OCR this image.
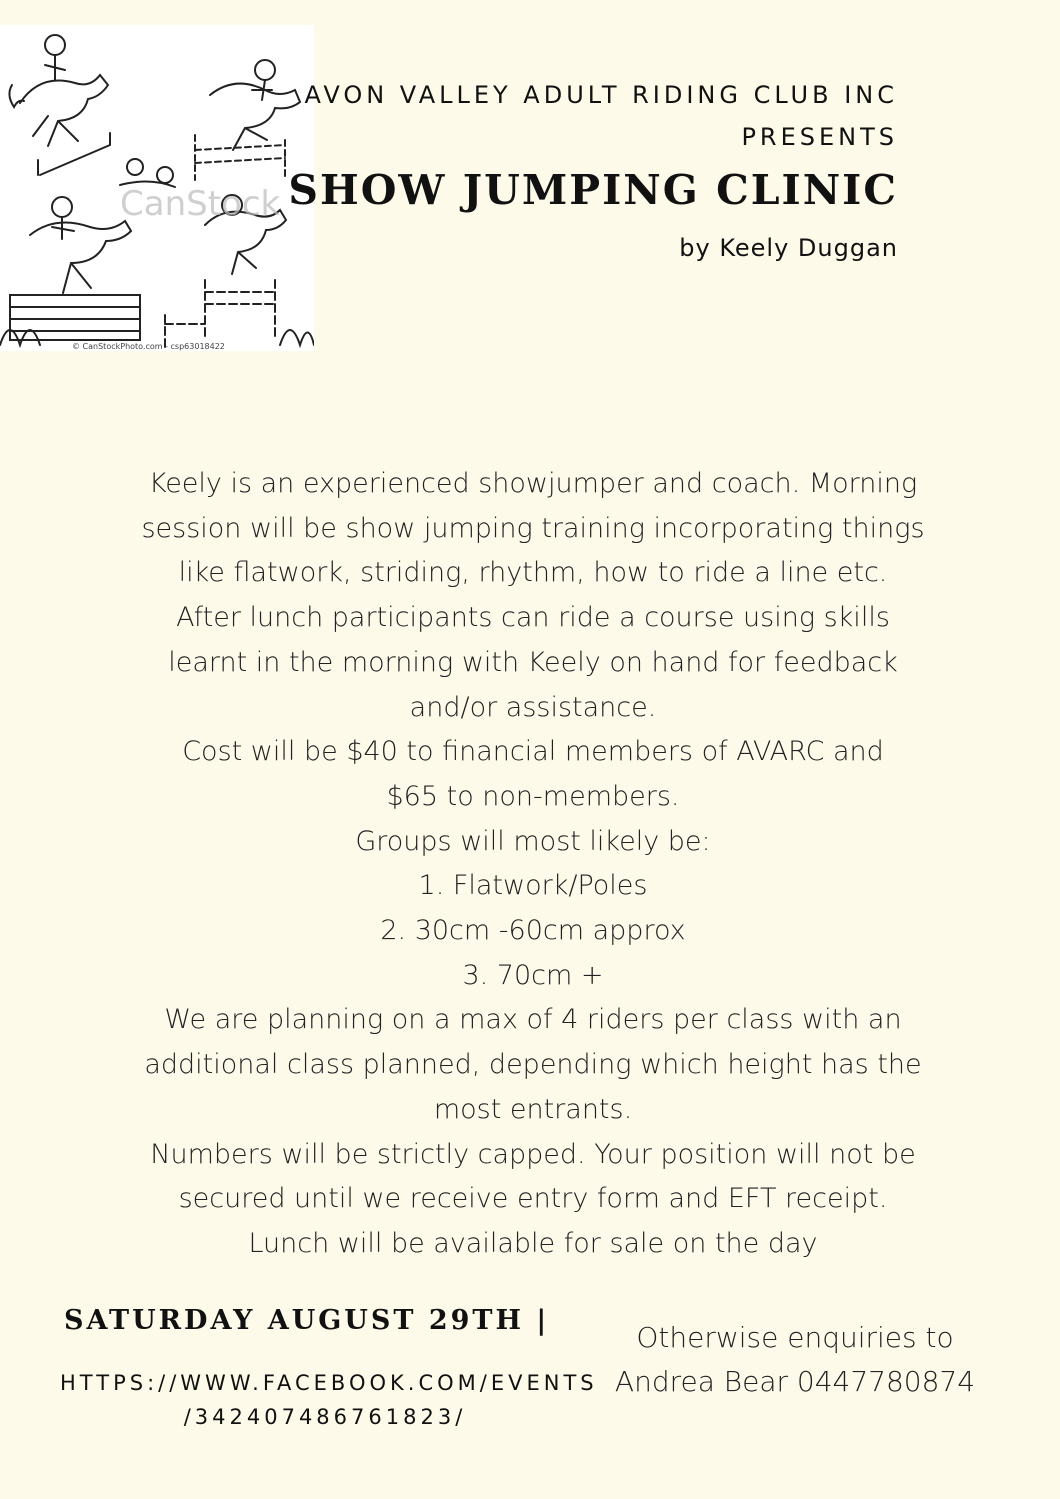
CanStock
© CanStockPhoto.com - csp63018422
AVON VALLEY ADULT RIDING CLUB INC
PRESENTS
SHOW JUMPING CLINIC
by Keely Duggan
Keely is an experienced showjumper and coach. Morning
session will be show jumping training incorporating things
like flatwork, striding, rhythm, how to ride a line etc.
After lunch participants can ride a course using skills
learnt in the morning with Keely on hand for feedback
and/or assistance.
Cost will be $40 to financial members of AVARC and
$65 to non-members.
Groups will most likely be:
1. Flatwork/Poles
2. 30cm -60cm approx
3. 70cm +
We are planning on a max of 4 riders per class with an
additional class planned, depending which height has the
most entrants.
Numbers will be strictly capped. Your position will not be
secured until we receive entry form and EFT receipt.
Lunch will be available for sale on the day
SATURDAY AUGUST 29TH |
HTTPS://WWW.FACEBOOK.COM/EVENTS
/342407486761823/
Otherwise enquiries to
Andrea Bear 0447780874
